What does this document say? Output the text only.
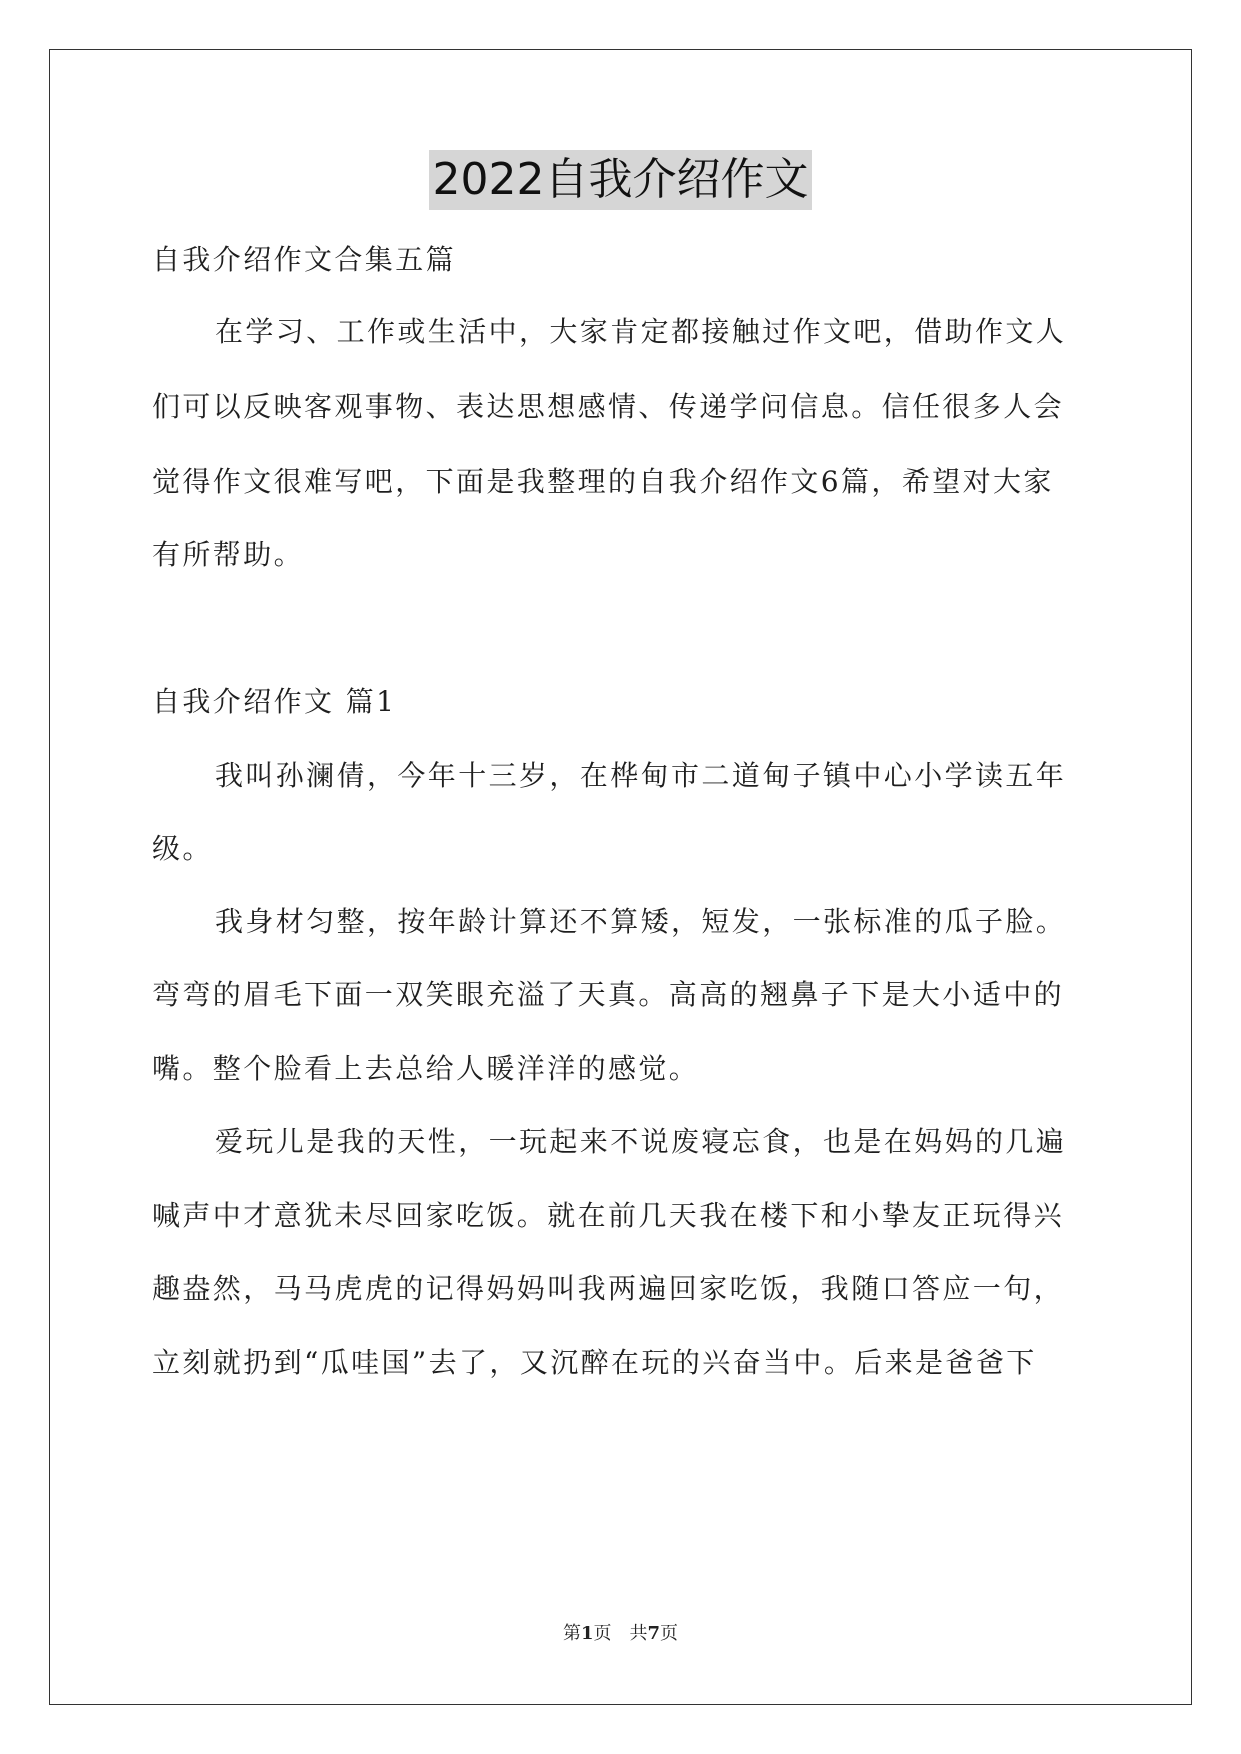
2022自我介绍作文
自我介绍作文合集五篇
在学习、工作或生活中，大家肯定都接触过作文吧，借助作文人
们可以反映客观事物、表达思想感情、传递学问信息。信任很多人会
觉得作文很难写吧，下面是我整理的自我介绍作文6篇，希望对大家
有所帮助。
自我介绍作文 篇1
我叫孙澜倩，今年十三岁，在桦甸市二道甸子镇中心小学读五年
级。
我身材匀整，按年龄计算还不算矮，短发，一张标准的瓜子脸。
弯弯的眉毛下面一双笑眼充溢了天真。高高的翘鼻子下是大小适中的
嘴。整个脸看上去总给人暖洋洋的感觉。
爱玩儿是我的天性，一玩起来不说废寝忘食，也是在妈妈的几遍
喊声中才意犹未尽回家吃饭。就在前几天我在楼下和小挚友正玩得兴
趣盎然，马马虎虎的记得妈妈叫我两遍回家吃饭，我随口答应一句，
立刻就扔到“瓜哇国”去了，又沉醉在玩的兴奋当中。后来是爸爸下
第1页　共7页
